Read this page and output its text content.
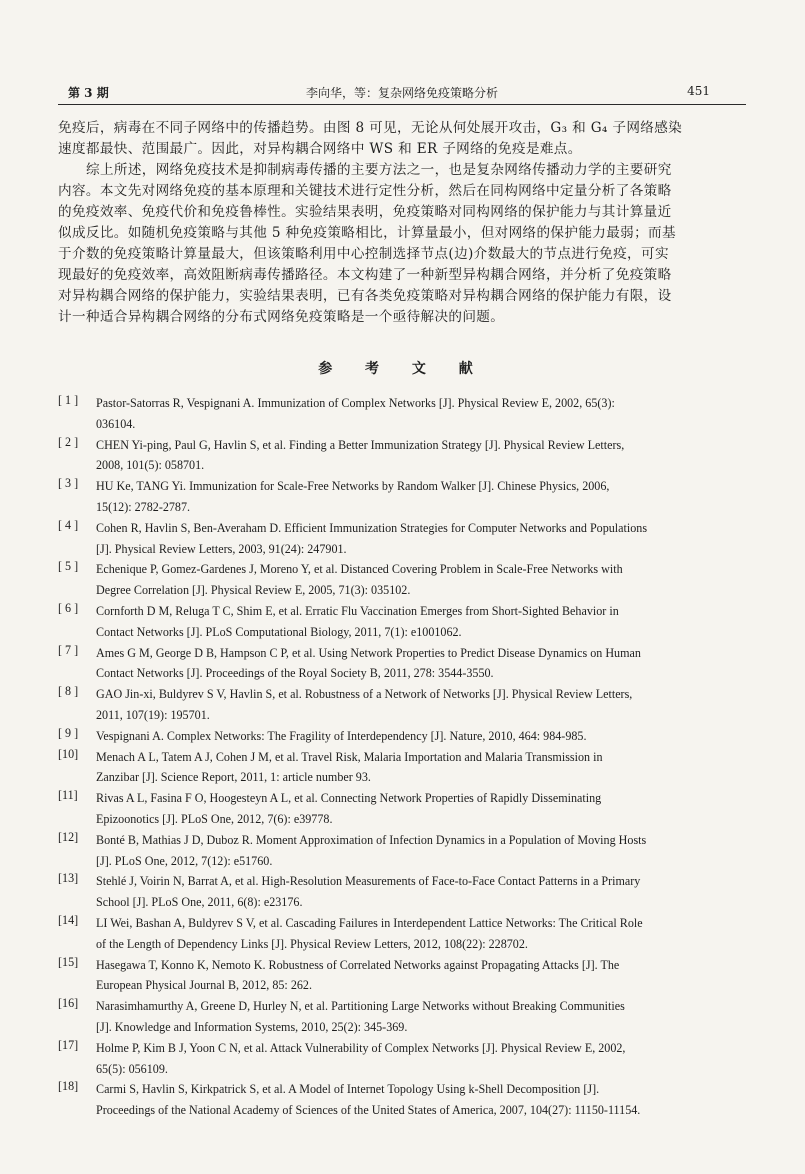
第 3 期	李向华，等：复杂网络免疫策略分析	451
免疫后，病毒在不同子网络中的传播趋势。由图 8 可见，无论从何处展开攻击，G₃ 和 G₄ 子网络感染
速度都最快、范围最广。因此，对异构耦合网络中 WS 和 ER 子网络的免疫是难点。
综上所述，网络免疫技术是抑制病毒传播的主要方法之一，也是复杂网络传播动力学的主要研究
内容。本文先对网络免疫的基本原理和关键技术进行定性分析，然后在同构网络中定量分析了各策略
的免疫效率、免疫代价和免疫鲁棒性。实验结果表明，免疫策略对同构网络的保护能力与其计算量近
似成反比。如随机免疫策略与其他 5 种免疫策略相比，计算量最小，但对网络的保护能力最弱；而基
于介数的免疫策略计算量最大，但该策略利用中心控制选择节点(边)介数最大的节点进行免疫，可实
现最好的免疫效率，高效阻断病毒传播路径。本文构建了一种新型异构耦合网络，并分析了免疫策略
对异构耦合网络的保护能力，实验结果表明，已有各类免疫策略对异构耦合网络的保护能力有限，设
计一种适合异构耦合网络的分布式网络免疫策略是一个亟待解决的问题。
参 考 文 献
[ 1 ]	Pastor-Satorras R, Vespignani A. Immunization of Complex Networks [J]. Physical Review E, 2002, 65(3):
036104.
[ 2 ]	CHEN Yi-ping, Paul G, Havlin S, et al. Finding a Better Immunization Strategy [J]. Physical Review Letters,
2008, 101(5): 058701.
[ 3 ]	HU Ke, TANG Yi. Immunization for Scale-Free Networks by Random Walker [J]. Chinese Physics, 2006,
15(12): 2782-2787.
[ 4 ]	Cohen R, Havlin S, Ben-Averaham D. Efficient Immunization Strategies for Computer Networks and Populations
[J]. Physical Review Letters, 2003, 91(24): 247901.
[ 5 ]	Echenique P, Gomez-Gardenes J, Moreno Y, et al. Distanced Covering Problem in Scale-Free Networks with
Degree Correlation [J]. Physical Review E, 2005, 71(3): 035102.
[ 6 ]	Cornforth D M, Reluga T C, Shim E, et al. Erratic Flu Vaccination Emerges from Short-Sighted Behavior in
Contact Networks [J]. PLoS Computational Biology, 2011, 7(1): e1001062.
[ 7 ]	Ames G M, George D B, Hampson C P, et al. Using Network Properties to Predict Disease Dynamics on Human
Contact Networks [J]. Proceedings of the Royal Society B, 2011, 278: 3544-3550.
[ 8 ]	GAO Jin-xi, Buldyrev S V, Havlin S, et al. Robustness of a Network of Networks [J]. Physical Review Letters,
2011, 107(19): 195701.
[ 9 ]	Vespignani A. Complex Networks: The Fragility of Interdependency [J]. Nature, 2010, 464: 984-985.
[10]	Menach A L, Tatem A J, Cohen J M, et al. Travel Risk, Malaria Importation and Malaria Transmission in
Zanzibar [J]. Science Report, 2011, 1: article number 93.
[11]	Rivas A L, Fasina F O, Hoogesteyn A L, et al. Connecting Network Properties of Rapidly Disseminating
Epizoonotics [J]. PLoS One, 2012, 7(6): e39778.
[12]	Bonté B, Mathias J D, Duboz R. Moment Approximation of Infection Dynamics in a Population of Moving Hosts
[J]. PLoS One, 2012, 7(12): e51760.
[13]	Stehlé J, Voirin N, Barrat A, et al. High-Resolution Measurements of Face-to-Face Contact Patterns in a Primary
School [J]. PLoS One, 2011, 6(8): e23176.
[14]	LI Wei, Bashan A, Buldyrev S V, et al. Cascading Failures in Interdependent Lattice Networks: The Critical Role
of the Length of Dependency Links [J]. Physical Review Letters, 2012, 108(22): 228702.
[15]	Hasegawa T, Konno K, Nemoto K. Robustness of Correlated Networks against Propagating Attacks [J]. The
European Physical Journal B, 2012, 85: 262.
[16]	Narasimhamurthy A, Greene D, Hurley N, et al. Partitioning Large Networks without Breaking Communities
[J]. Knowledge and Information Systems, 2010, 25(2): 345-369.
[17]	Holme P, Kim B J, Yoon C N, et al. Attack Vulnerability of Complex Networks [J]. Physical Review E, 2002,
65(5): 056109.
[18]	Carmi S, Havlin S, Kirkpatrick S, et al. A Model of Internet Topology Using k-Shell Decomposition [J].
Proceedings of the National Academy of Sciences of the United States of America, 2007, 104(27): 11150-11154.
